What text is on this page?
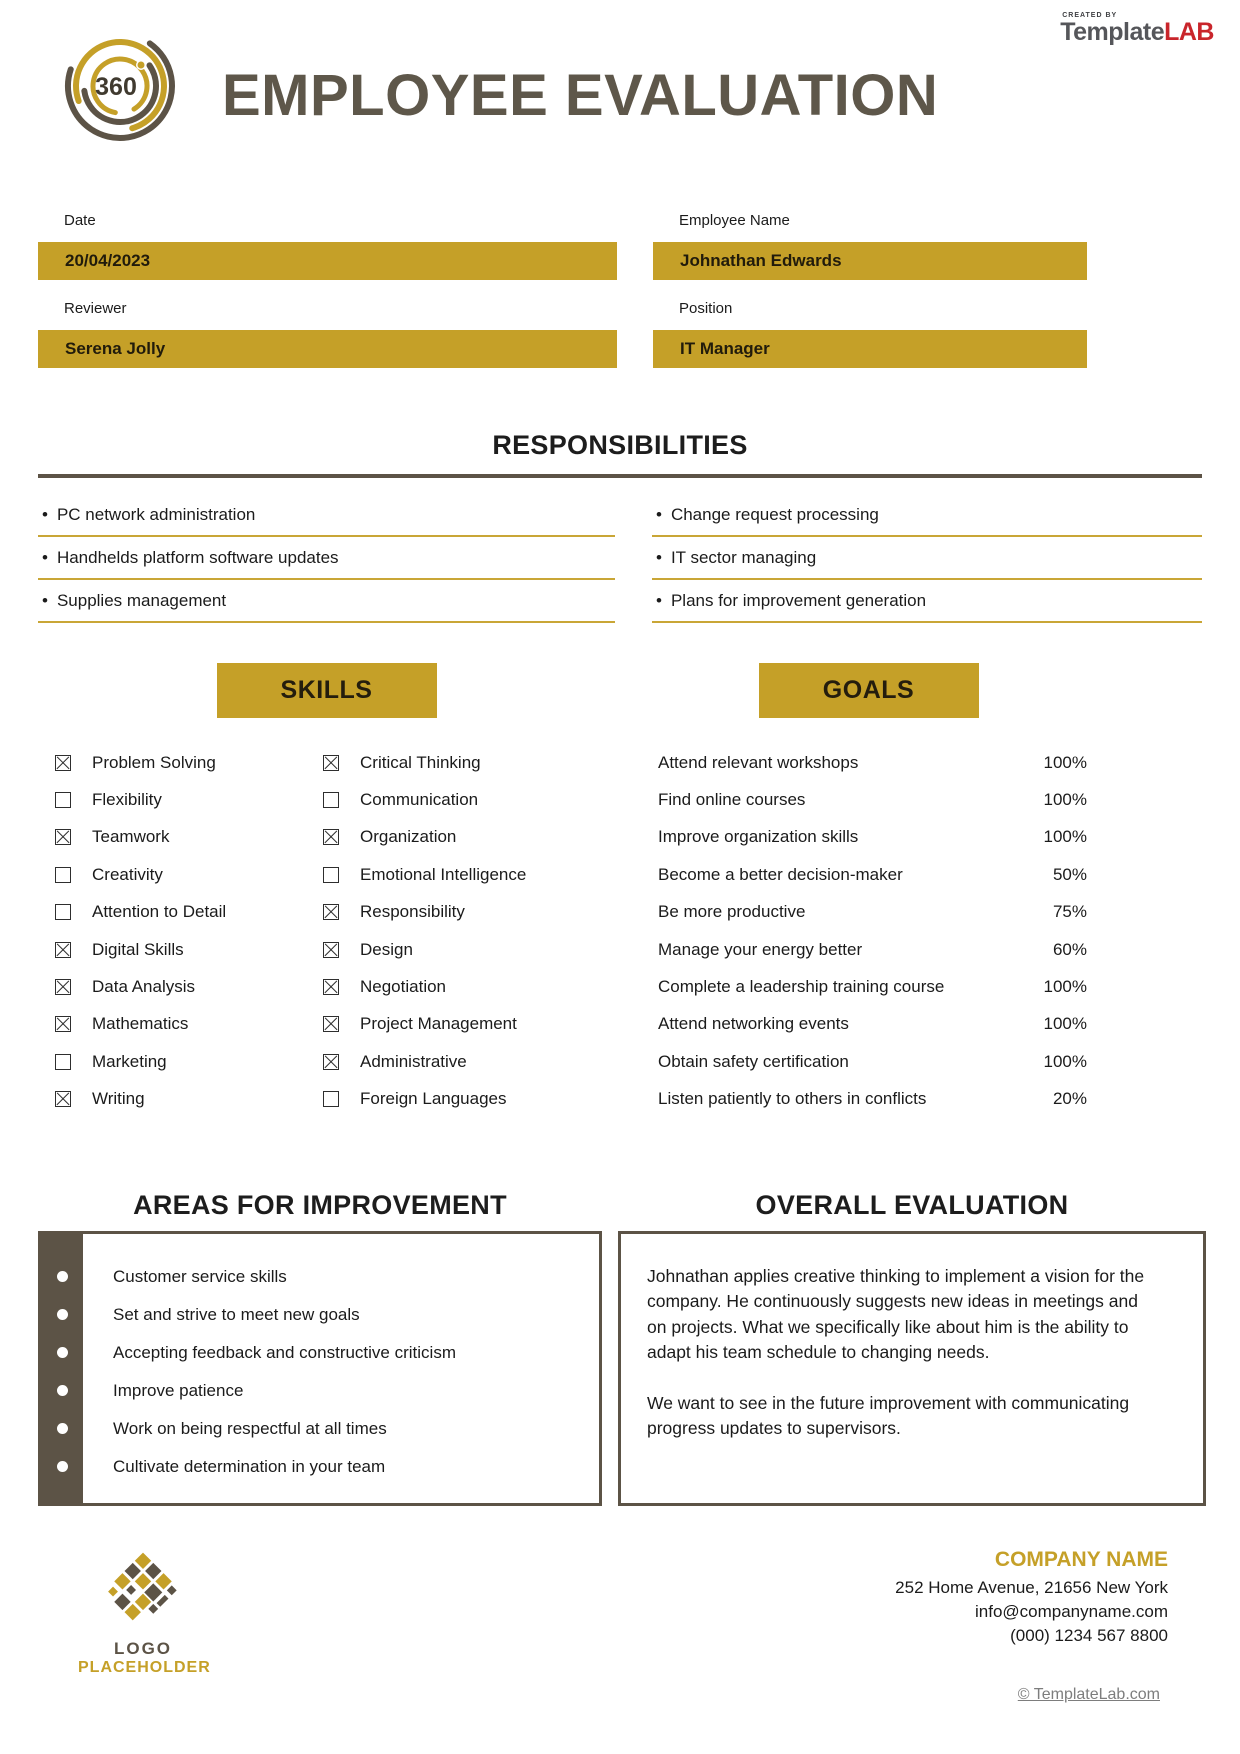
CREATED BY
TemplateLAB
360 EMPLOYEE EVALUATION
Date
20/04/2023
Employee Name
Johnathan Edwards
Reviewer
Serena Jolly
Position
IT Manager
RESPONSIBILITIES
• PC network administration
• Handhelds platform software updates
• Supplies management
• Change request processing
• IT sector managing
• Plans for improvement generation
SKILLS
Problem Solving
Flexibility
Teamwork
Creativity
Attention to Detail
Digital Skills
Data Analysis
Mathematics
Marketing
Writing
Critical Thinking
Communication
Organization
Emotional Intelligence
Responsibility
Design
Negotiation
Project Management
Administrative
Foreign Languages
GOALS
Attend relevant workshops	100%
Find online courses	100%
Improve organization skills	100%
Become a better decision-maker	50%
Be more productive	75%
Manage your energy better	60%
Complete a leadership training course	100%
Attend networking events	100%
Obtain safety certification	100%
Listen patiently to others in conflicts	20%
AREAS FOR IMPROVEMENT
Customer service skills
Set and strive to meet new goals
Accepting feedback and constructive criticism
Improve patience
Work on being respectful at all times
Cultivate determination in your team
OVERALL EVALUATION

Johnathan applies creative thinking to implement a vision for the company. He continuously suggests new ideas in meetings and on projects. What we specifically like about him is the ability to adapt his team schedule to changing needs.

We want to see in the future improvement with communicating progress updates to supervisors.

LOGO
PLACEHOLDER
COMPANY NAME
252 Home Avenue, 21656 New York
info@companyname.com
(000) 1234 567 8800
© TemplateLab.com
